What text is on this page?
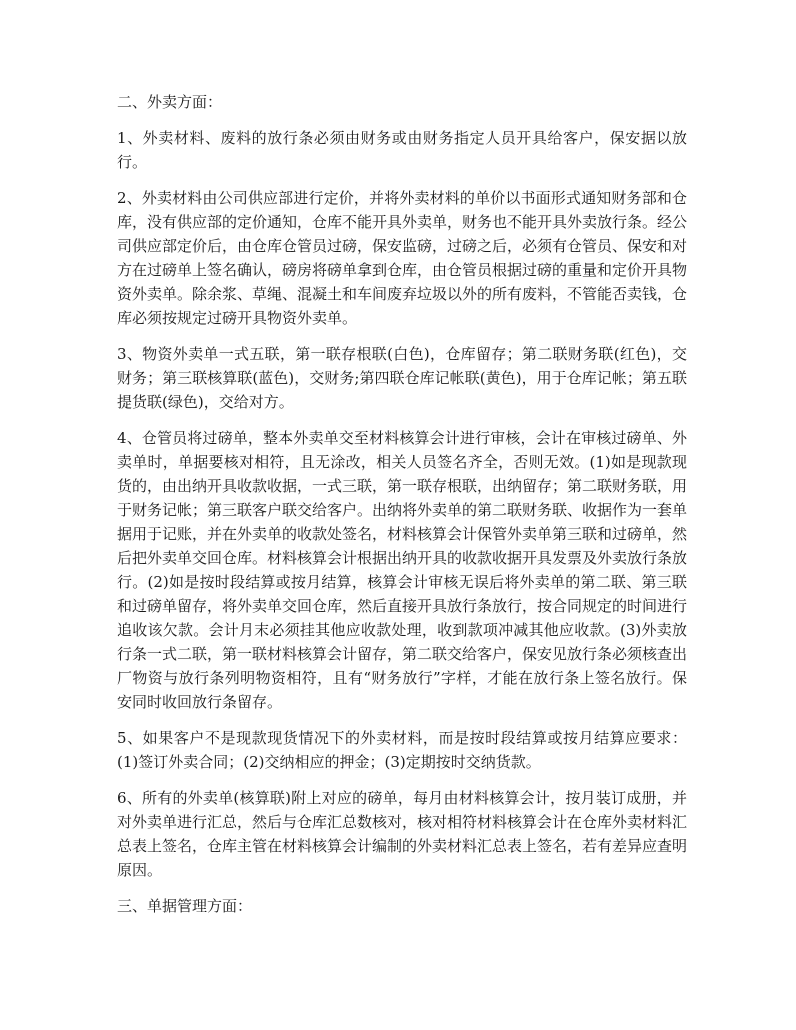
二、外卖方面：

1、外卖材料、废料的放行条必须由财务或由财务指定人员开具给客户，保安据以放行。

2、外卖材料由公司供应部进行定价，并将外卖材料的单价以书面形式通知财务部和仓库，没有供应部的定价通知，仓库不能开具外卖单，财务也不能开具外卖放行条。经公司供应部定价后，由仓库仓管员过磅，保安监磅，过磅之后，必须有仓管员、保安和对方在过磅单上签名确认，磅房将磅单拿到仓库，由仓管员根据过磅的重量和定价开具物资外卖单。除余浆、草绳、混凝土和车间废弃垃圾以外的所有废料，不管能否卖钱，仓库必须按规定过磅开具物资外卖单。

3、物资外卖单一式五联，第一联存根联(白色)，仓库留存；第二联财务联(红色)，交财务；第三联核算联(蓝色)，交财务;第四联仓库记帐联(黄色)，用于仓库记帐；第五联提货联(绿色)，交给对方。

4、仓管员将过磅单，整本外卖单交至材料核算会计进行审核，会计在审核过磅单、外卖单时，单据要核对相符，且无涂改，相关人员签名齐全，否则无效。(1)如是现款现货的，由出纳开具收款收据，一式三联，第一联存根联，出纳留存；第二联财务联，用于财务记帐；第三联客户联交给客户。出纳将外卖单的第二联财务联、收据作为一套单据用于记账，并在外卖单的收款处签名，材料核算会计保管外卖单第三联和过磅单，然后把外卖单交回仓库。材料核算会计根据出纳开具的收款收据开具发票及外卖放行条放行。(2)如是按时段结算或按月结算，核算会计审核无误后将外卖单的第二联、第三联和过磅单留存，将外卖单交回仓库，然后直接开具放行条放行，按合同规定的时间进行追收该欠款。会计月末必须挂其他应收款处理，收到款项冲减其他应收款。(3)外卖放行条一式二联，第一联材料核算会计留存，第二联交给客户，保安见放行条必须核查出厂物资与放行条列明物资相符，且有“财务放行”字样，才能在放行条上签名放行。保安同时收回放行条留存。

5、如果客户不是现款现货情况下的外卖材料，而是按时段结算或按月结算应要求：(1)签订外卖合同；(2)交纳相应的押金；(3)定期按时交纳货款。

6、所有的外卖单(核算联)附上对应的磅单，每月由材料核算会计，按月装订成册，并对外卖单进行汇总，然后与仓库汇总数核对，核对相符材料核算会计在仓库外卖材料汇总表上签名，仓库主管在材料核算会计编制的外卖材料汇总表上签名，若有差异应查明原因。

三、单据管理方面：
